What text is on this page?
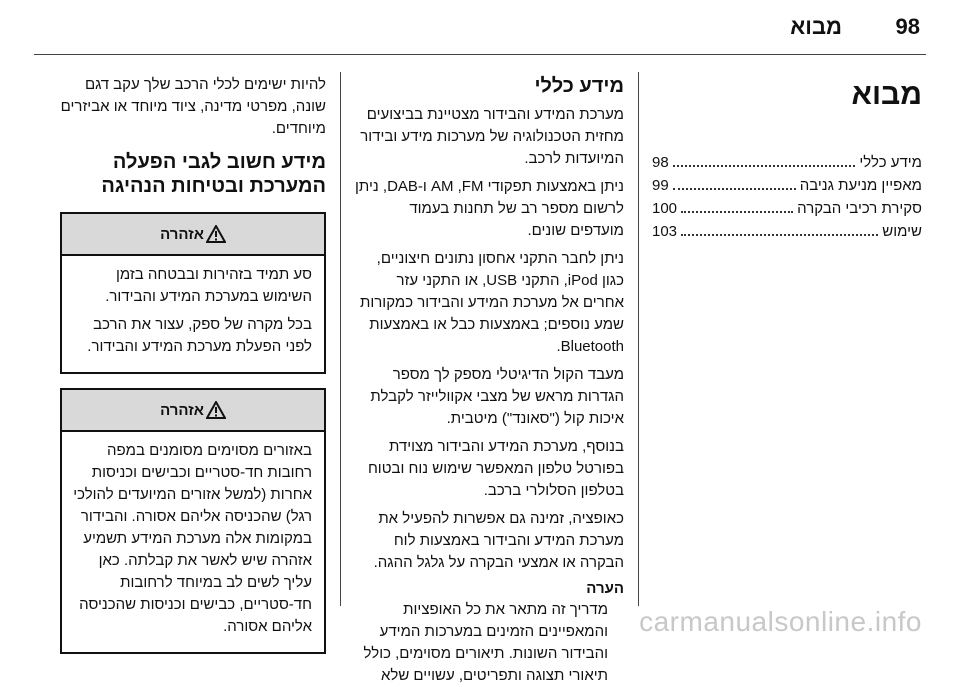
98
מבוא
מבוא
מידע כללי
98
מאפיין מניעת גניבה
99
סקירת רכיבי הבקרה
100
שימוש
103
מידע כללי

מערכת המידע והבידור מצטיינת בביצועים מחזית הטכנולוגיה של מערכות מידע ובידור המיועדות לרכב.

ניתן באמצעות תפקודי AM ,FM ו-DAB, ניתן לרשום מספר רב של תחנות בעמוד מועדפים שונים.

ניתן לחבר התקני אחסון נתונים חיצוניים, כגון iPod, התקני USB, או התקני עזר אחרים אל מערכת המידע והבידור כמקורות שמע נוספים; באמצעות כבל או באמצעות Bluetooth.

מעבד הקול הדיגיטלי מספק לך מספר הגדרות מראש של מצבי אקוולייזר לקבלת איכות קול ("סאונד") מיטבית.

בנוסף, מערכת המידע והבידור מצוידת בפורטל טלפון המאפשר שימוש נוח ובטוח בטלפון הסלולרי ברכב.

כאופציה, זמינה גם אפשרות להפעיל את מערכת המידע והבידור באמצעות לוח הבקרה או אמצעי הבקרה על גלגל ההגה.

הערה
מדריך זה מתאר את כל האופציות והמאפיינים הזמינים במערכות המידע והבידור השונות. תיאורים מסוימים, כולל תיאורי תצוגה ותפריטים, עשויים שלא

להיות ישימים לכלי הרכב שלך עקב דגם שונה, מפרטי מדינה, ציוד מיוחד או אביזרים מיוחדים.

מידע חשוב לגבי הפעלה המערכת ובטיחות הנהיגה
אזהרה

סע תמיד בזהירות ובבטחה בזמן השימוש במערכת המידע והבידור.

בכל מקרה של ספק, עצור את הרכב לפני הפעלת מערכת המידע והבידור.

אזהרה

באזורים מסוימים מסומנים במפה רחובות חד-סטריים וכבישים וכניסות אחרות (למשל אזורים המיועדים להולכי רגל) שהכניסה אליהם אסורה. והבידור במקומות אלה מערכת המידע תשמיע אזהרה שיש לאשר את קבלתה. כאן עליך לשים לב במיוחד לרחובות חד-סטריים, כבישים וכניסות שהכניסה אליהם אסורה.	carmanualsonline.info
